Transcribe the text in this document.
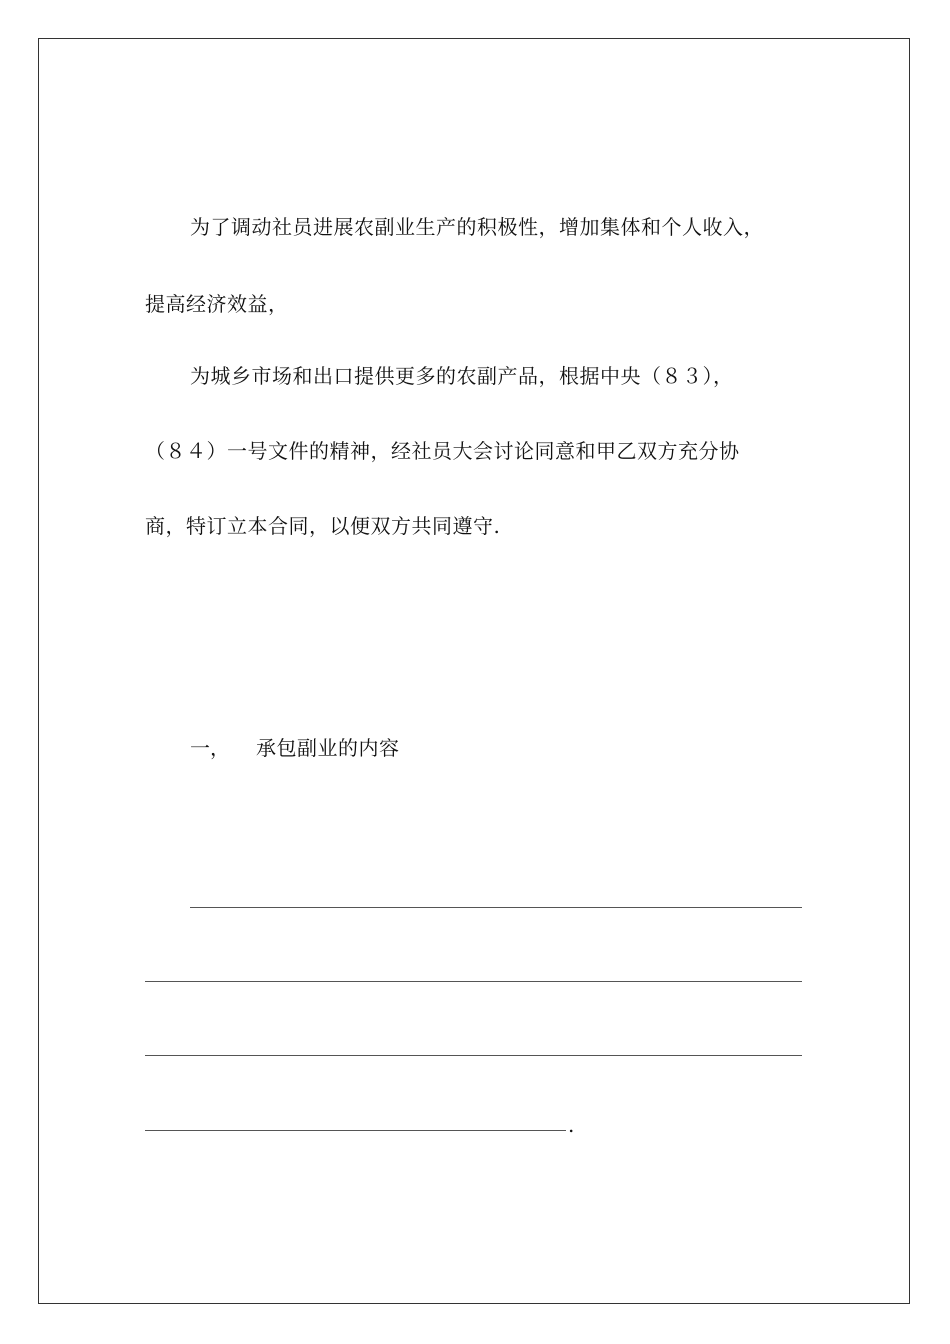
为了调动社员进展农副业生产的积极性，增加集体和个人收入，
提高经济效益，
为城乡市场和出口提供更多的农副产品，根据中央（８３），
（８４）一号文件的精神，经社员大会讨论同意和甲乙双方充分协
商，特订立本合同，以便双方共同遵守.
一， 承包副业的内容
.
